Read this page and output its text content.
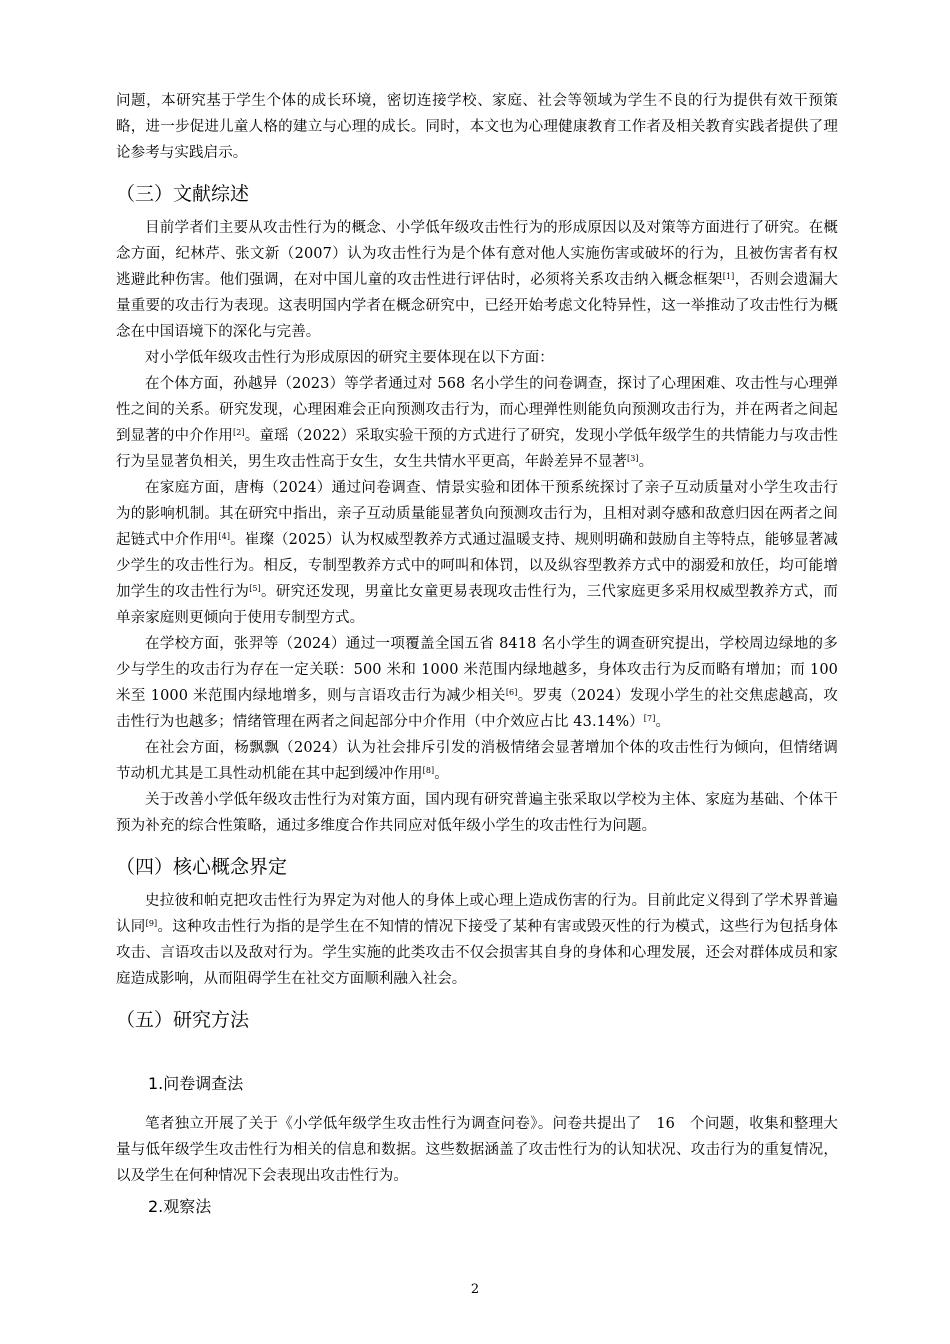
问题，本研究基于学生个体的成长环境，密切连接学校、家庭、社会等领域为学生不良的行为提供有效干预策略，进一步促进儿童人格的建立与心理的成长。同时，本文也为心理健康教育工作者及相关教育实践者提供了理论参考与实践启示。

（三）文献综述

目前学者们主要从攻击性行为的概念、小学低年级攻击性行为的形成原因以及对策等方面进行了研究。在概念方面，纪林芹、张文新（2007）认为攻击性行为是个体有意对他人实施伤害或破坏的行为，且被伤害者有权逃避此种伤害。他们强调，在对中国儿童的攻击性进行评估时，必须将关系攻击纳入概念框架[1]，否则会遗漏大量重要的攻击行为表现。这表明国内学者在概念研究中，已经开始考虑文化特异性，这一举推动了攻击性行为概念在中国语境下的深化与完善。

对小学低年级攻击性行为形成原因的研究主要体现在以下方面：

在个体方面，孙越异（2023）等学者通过对 568 名小学生的问卷调查，探讨了心理困难、攻击性与心理弹性之间的关系。研究发现，心理困难会正向预测攻击行为，而心理弹性则能负向预测攻击行为，并在两者之间起到显著的中介作用[2]。童瑶（2022）采取实验干预的方式进行了研究，发现小学低年级学生的共情能力与攻击性行为呈显著负相关，男生攻击性高于女生，女生共情水平更高，年龄差异不显著[3]。

在家庭方面，唐梅（2024）通过问卷调查、情景实验和团体干预系统探讨了亲子互动质量对小学生攻击行为的影响机制。其在研究中指出，亲子互动质量能显著负向预测攻击行为，且相对剥夺感和敌意归因在两者之间起链式中介作用[4]。崔璨（2025）认为权威型教养方式通过温暖支持、规则明确和鼓励自主等特点，能够显著减少学生的攻击性行为。相反，专制型教养方式中的呵叫和体罚，以及纵容型教养方式中的溺爱和放任，均可能增加学生的攻击性行为[5]。研究还发现，男童比女童更易表现攻击性行为，三代家庭更多采用权威型教养方式，而单亲家庭则更倾向于使用专制型方式。

在学校方面，张羿等（2024）通过一项覆盖全国五省 8418 名小学生的调查研究提出，学校周边绿地的多少与学生的攻击行为存在一定关联：500 米和 1000 米范围内绿地越多，身体攻击行为反而略有增加；而 100 米至 1000 米范围内绿地增多，则与言语攻击行为减少相关[6]。罗夷（2024）发现小学生的社交焦虑越高，攻击性行为也越多；情绪管理在两者之间起部分中介作用（中介效应占比 43.14%）[7]。

在社会方面，杨飘飘（2024）认为社会排斥引发的消极情绪会显著增加个体的攻击性行为倾向，但情绪调节动机尤其是工具性动机能在其中起到缓冲作用[8]。

关于改善小学低年级攻击性行为对策方面，国内现有研究普遍主张采取以学校为主体、家庭为基础、个体干预为补充的综合性策略，通过多维度合作共同应对低年级小学生的攻击性行为问题。

（四）核心概念界定

史拉彼和帕克把攻击性行为界定为对他人的身体上或心理上造成伤害的行为。目前此定义得到了学术界普遍认同[9]。这种攻击性行为指的是学生在不知情的情况下接受了某种有害或毁灭性的行为模式，这些行为包括身体攻击、言语攻击以及敌对行为。学生实施的此类攻击不仅会损害其自身的身体和心理发展，还会对群体成员和家庭造成影响，从而阻碍学生在社交方面顺利融入社会。

（五）研究方法
1.问卷调查法

笔者独立开展了关于《小学低年级学生攻击性行为调查问卷》。问卷共提出了　16　个问题，收集和整理大量与低年级学生攻击性行为相关的信息和数据。这些数据涵盖了攻击性行为的认知状况、攻击行为的重复情况，以及学生在何种情况下会表现出攻击性行为。

2.观察法
2
